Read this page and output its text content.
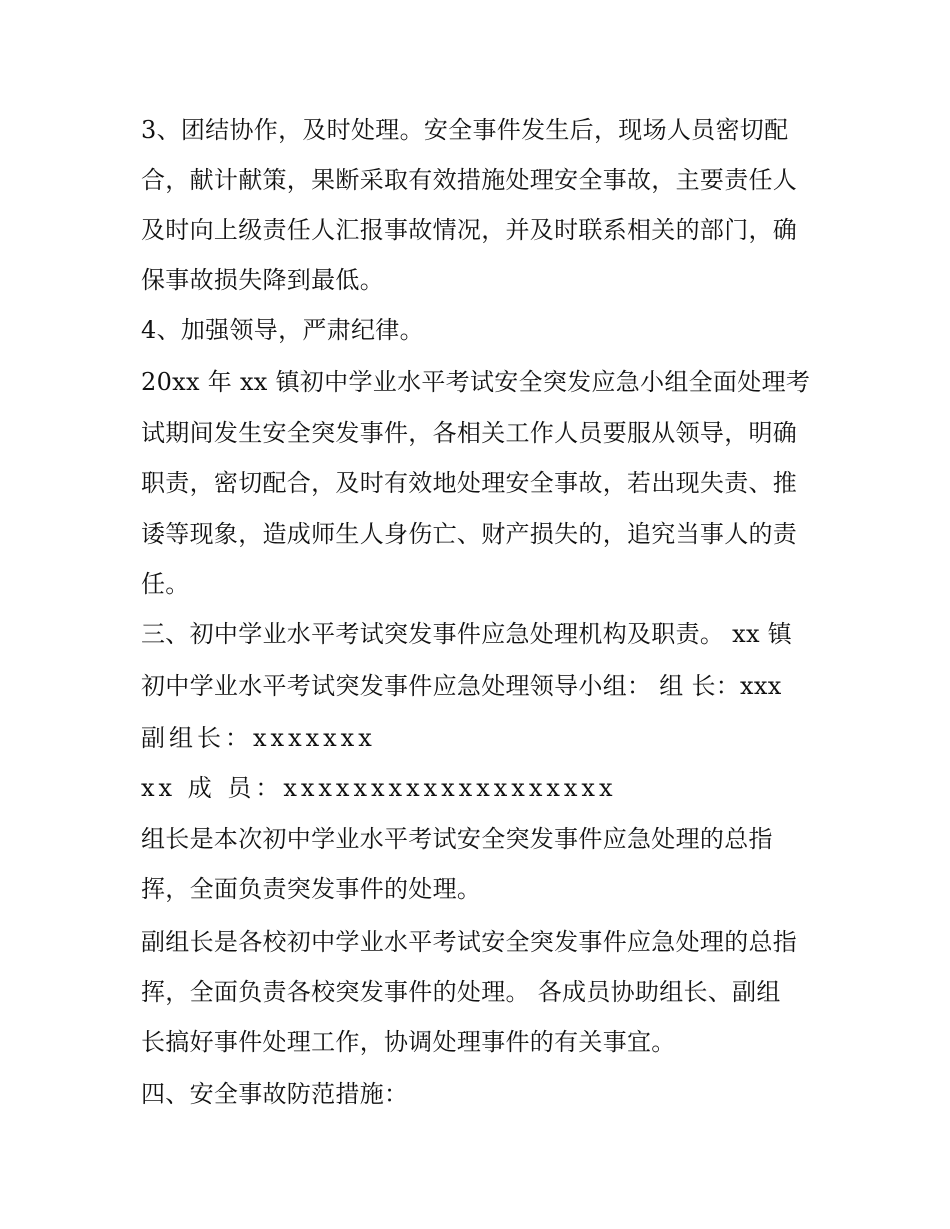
3、团结协作，及时处理。安全事件发生后，现场人员密切配
合，献计献策，果断采取有效措施处理安全事故，主要责任人
及时向上级责任人汇报事故情况，并及时联系相关的部门，确
保事故损失降到最低。
4、加强领导，严肃纪律。
20xx 年 xx 镇初中学业水平考试安全突发应急小组全面处理考
试期间发生安全突发事件，各相关工作人员要服从领导，明确
职责，密切配合，及时有效地处理安全事故，若出现失责、推
诿等现象，造成师生人身伤亡、财产损失的，追究当事人的责
任。
三、初中学业水平考试突发事件应急处理机构及职责。 xx 镇
初中学业水平考试突发事件应急处理领导小组： 组 长：xxx
副组长：xxxxxxx
xx 成 员：xxxxxxxxxxxxxxxxxxx
组长是本次初中学业水平考试安全突发事件应急处理的总指
挥，全面负责突发事件的处理。
副组长是各校初中学业水平考试安全突发事件应急处理的总指
挥，全面负责各校突发事件的处理。 各成员协助组长、副组
长搞好事件处理工作，协调处理事件的有关事宜。
四、安全事故防范措施：
